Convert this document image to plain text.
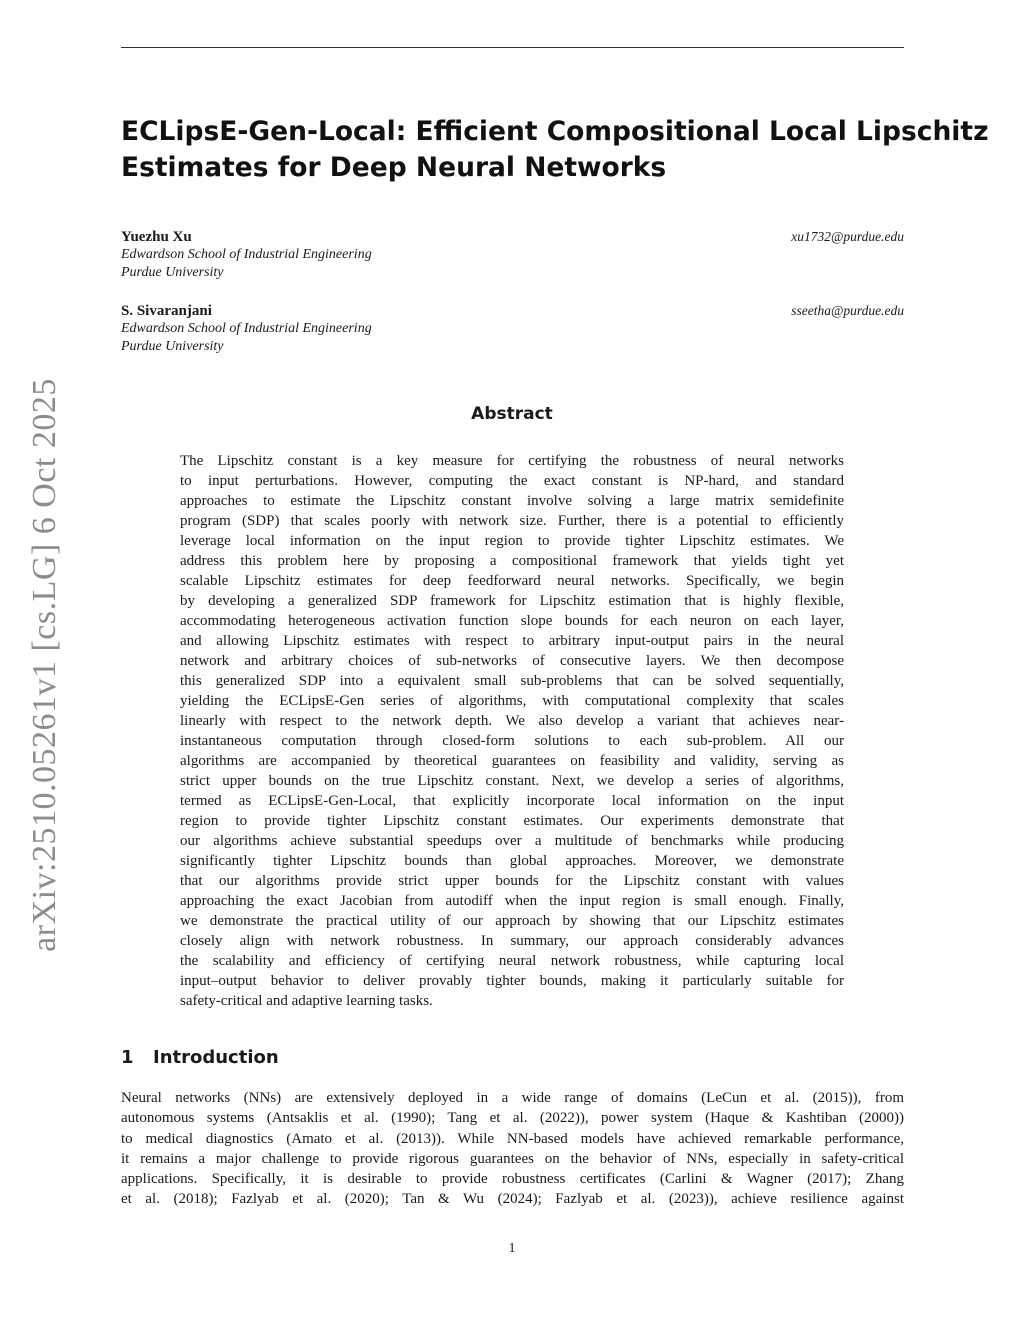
arXiv:2510.05261v1 [cs.LG] 6 Oct 2025
ECLipsE-Gen-Local: Efficient Compositional Local Lipschitz
Estimates for Deep Neural Networks
Yuezhu Xu	xu1732@purdue.edu
Edwardson School of Industrial Engineering
Purdue University
S. Sivaranjani	sseetha@purdue.edu
Edwardson School of Industrial Engineering
Purdue University
Abstract
The Lipschitz constant is a key measure for certifying the robustness of neural networks
to input perturbations. However, computing the exact constant is NP-hard, and standard
approaches to estimate the Lipschitz constant involve solving a large matrix semidefinite
program (SDP) that scales poorly with network size. Further, there is a potential to efficiently
leverage local information on the input region to provide tighter Lipschitz estimates. We
address this problem here by proposing a compositional framework that yields tight yet
scalable Lipschitz estimates for deep feedforward neural networks. Specifically, we begin
by developing a generalized SDP framework for Lipschitz estimation that is highly flexible,
accommodating heterogeneous activation function slope bounds for each neuron on each layer,
and allowing Lipschitz estimates with respect to arbitrary input-output pairs in the neural
network and arbitrary choices of sub-networks of consecutive layers. We then decompose
this generalized SDP into a equivalent small sub-problems that can be solved sequentially,
yielding the ECLipsE-Gen series of algorithms, with computational complexity that scales
linearly with respect to the network depth. We also develop a variant that achieves near-
instantaneous computation through closed-form solutions to each sub-problem. All our
algorithms are accompanied by theoretical guarantees on feasibility and validity, serving as
strict upper bounds on the true Lipschitz constant. Next, we develop a series of algorithms,
termed as ECLipsE-Gen-Local, that explicitly incorporate local information on the input
region to provide tighter Lipschitz constant estimates. Our experiments demonstrate that
our algorithms achieve substantial speedups over a multitude of benchmarks while producing
significantly tighter Lipschitz bounds than global approaches. Moreover, we demonstrate
that our algorithms provide strict upper bounds for the Lipschitz constant with values
approaching the exact Jacobian from autodiff when the input region is small enough. Finally,
we demonstrate the practical utility of our approach by showing that our Lipschitz estimates
closely align with network robustness. In summary, our approach considerably advances
the scalability and efficiency of certifying neural network robustness, while capturing local
input–output behavior to deliver provably tighter bounds, making it particularly suitable for
safety-critical and adaptive learning tasks.
1 Introduction
Neural networks (NNs) are extensively deployed in a wide range of domains (LeCun et al. (2015)), from
autonomous systems (Antsaklis et al. (1990); Tang et al. (2022)), power system (Haque & Kashtiban (2000))
to medical diagnostics (Amato et al. (2013)). While NN-based models have achieved remarkable performance,
it remains a major challenge to provide rigorous guarantees on the behavior of NNs, especially in safety-critical
applications. Specifically, it is desirable to provide robustness certificates (Carlini & Wagner (2017); Zhang
et al. (2018); Fazlyab et al. (2020); Tan & Wu (2024); Fazlyab et al. (2023)), achieve resilience against
1
